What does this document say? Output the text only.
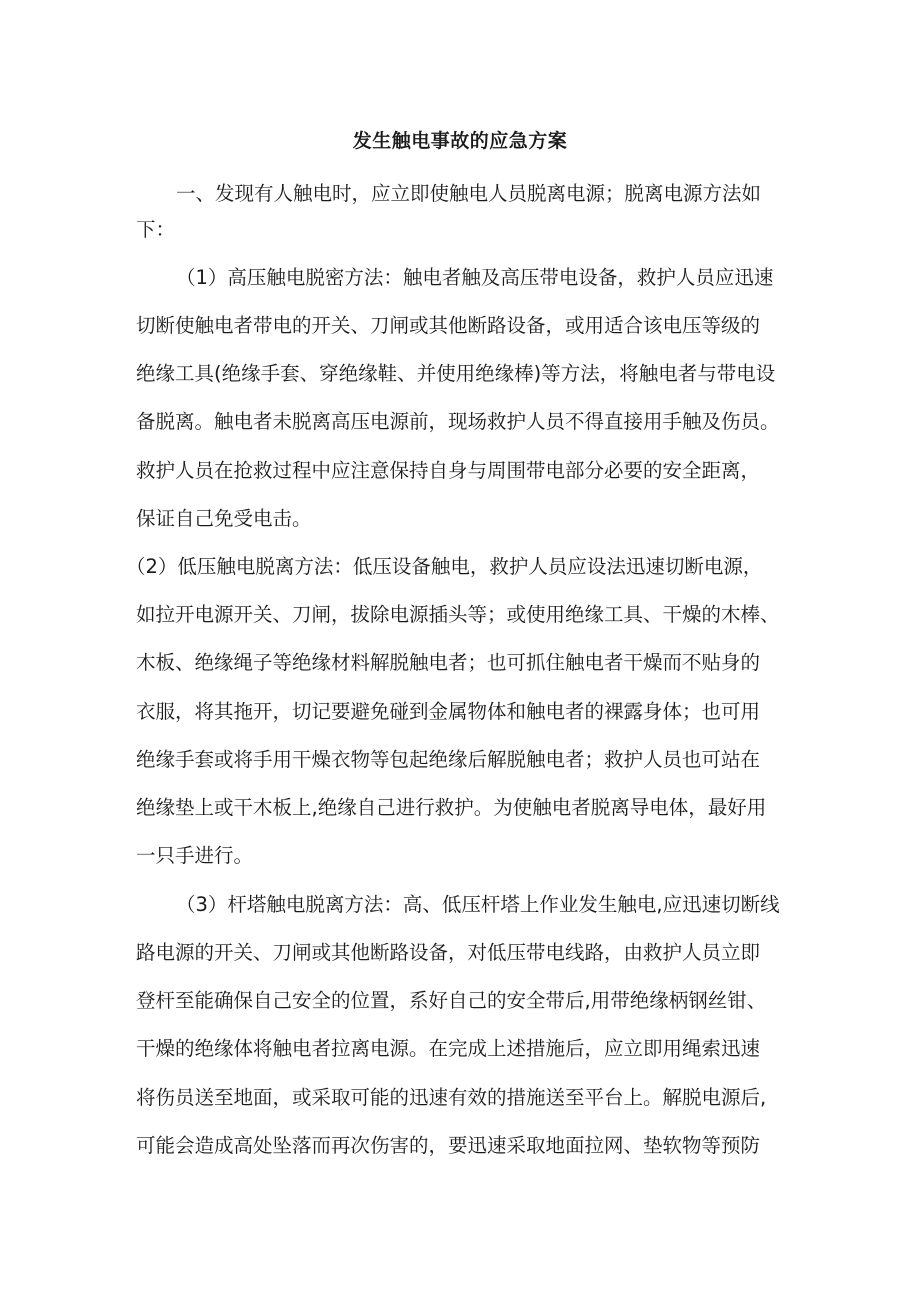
发生触电事故的应急方案
一、发现有人触电时，应立即使触电人员脱离电源；脱离电源方法如
下：
（1）高压触电脱密方法：触电者触及高压带电设备，救护人员应迅速
切断使触电者带电的开关、刀闸或其他断路设备，或用适合该电压等级的
绝缘工具(绝缘手套、穿绝缘鞋、并使用绝缘棒)等方法，将触电者与带电设
备脱离。触电者未脱离高压电源前，现场救护人员不得直接用手触及伤员。
救护人员在抢救过程中应注意保持自身与周围带电部分必要的安全距离，
保证自己免受电击。
（2）低压触电脱离方法：低压设备触电，救护人员应设法迅速切断电源，
如拉开电源开关、刀闸，拔除电源插头等；或使用绝缘工具、干燥的木棒、
木板、绝缘绳子等绝缘材料解脱触电者；也可抓住触电者干燥而不贴身的
衣服，将其拖开，切记要避免碰到金属物体和触电者的裸露身体；也可用
绝缘手套或将手用干燥衣物等包起绝缘后解脱触电者；救护人员也可站在
绝缘垫上或干木板上,绝缘自己进行救护。为使触电者脱离导电体，最好用
一只手进行。
（3）杆塔触电脱离方法：高、低压杆塔上作业发生触电,应迅速切断线
路电源的开关、刀闸或其他断路设备，对低压带电线路，由救护人员立即
登杆至能确保自己安全的位置，系好自己的安全带后,用带绝缘柄钢丝钳、
干燥的绝缘体将触电者拉离电源。在完成上述措施后，应立即用绳索迅速
将伤员送至地面，或采取可能的迅速有效的措施送至平台上。解脱电源后,
可能会造成高处坠落而再次伤害的，要迅速采取地面拉网、垫软物等预防
